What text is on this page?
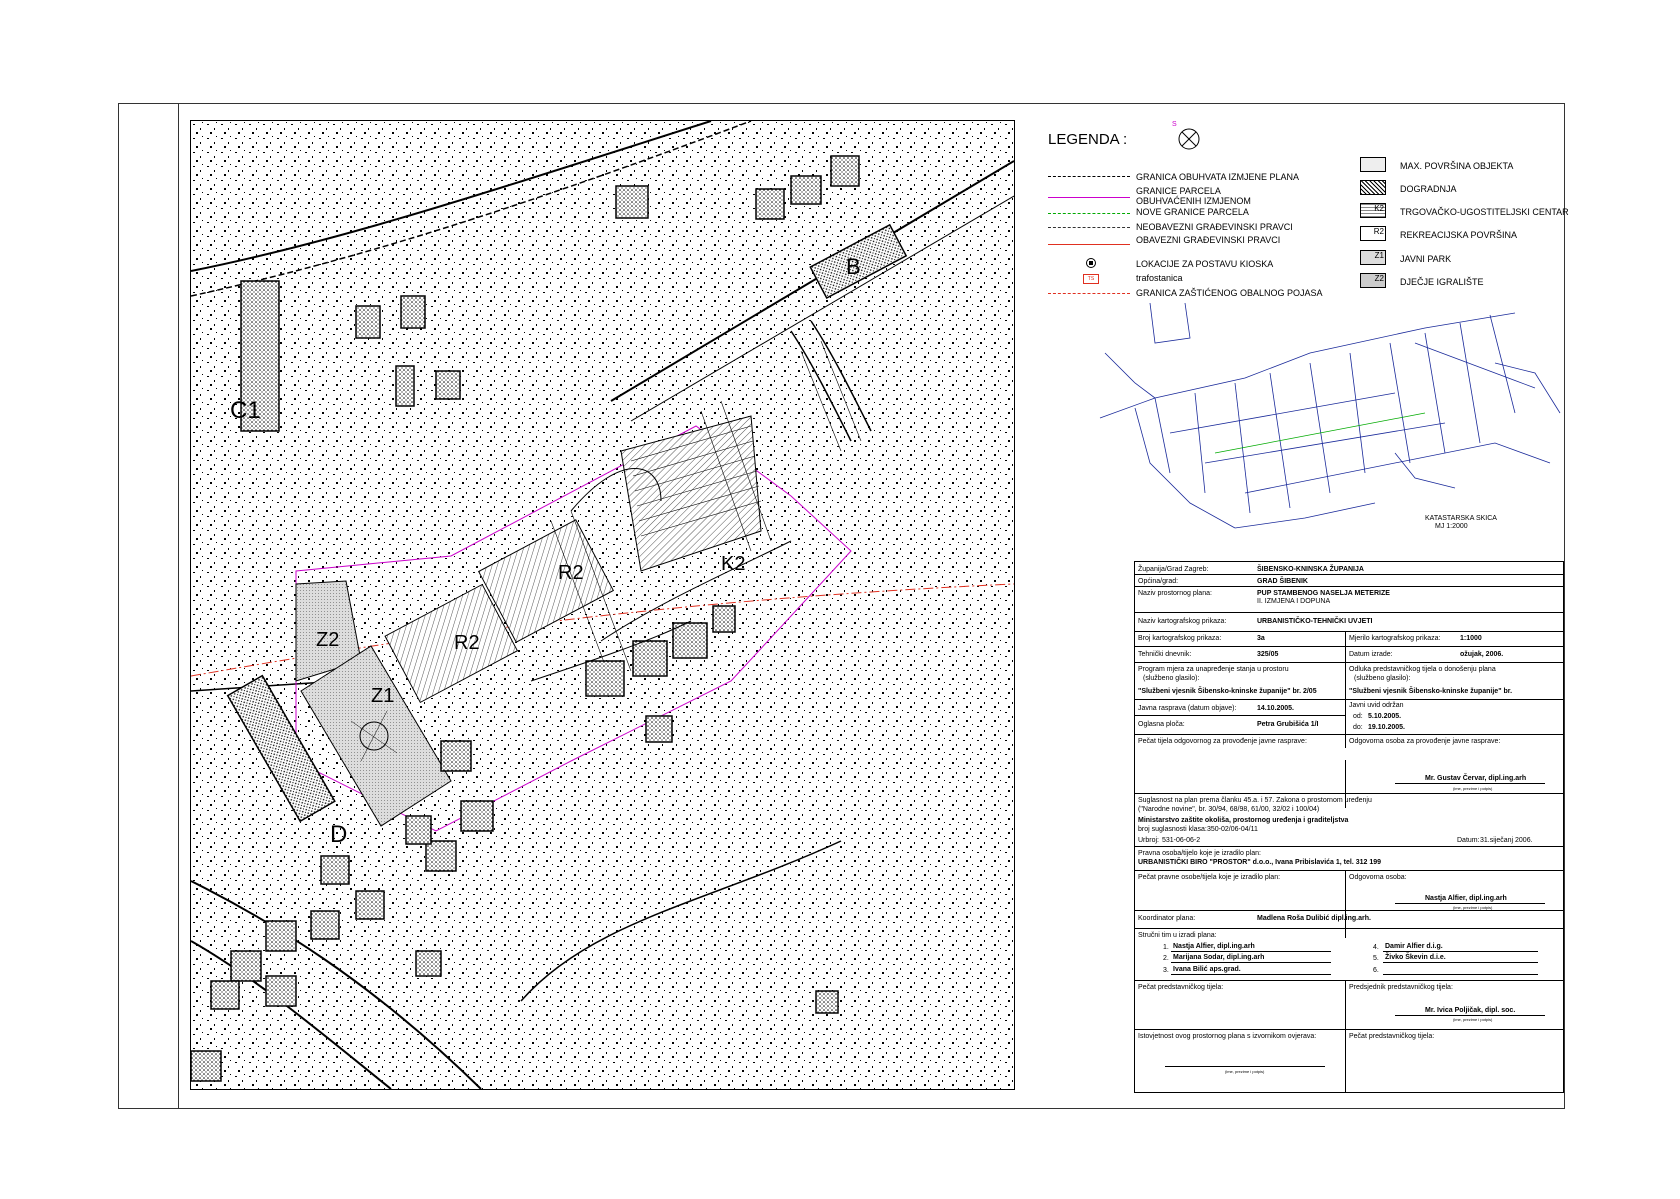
C1
B
Z2
R2
R2
K2
Z1
D
LEGENDA :
S
GRANICA OBUHVATA IZMJENE PLANA
GRANICE PARCELA
OBUHVAĆENIH IZMJENOM
NOVE GRANICE PARCELA
NEOBAVEZNI GRAĐEVINSKI PRAVCI
OBAVEZNI GRAĐEVINSKI PRAVCI
LOKACIJE ZA POSTAVU KIOSKA
TS	trafostanica
GRANICA ZAŠTIĆENOG OBALNOG POJASA
MAX. POVRŠINA OBJEKTA
DOGRADNJA
K2 TRGOVAČKO-UGOSTITELJSKI CENTAR
R2 REKREACIJSKA POVRŠINA
Z1 JAVNI PARK
Z2 DJEČJE IGRALIŠTE
KATASTARSKA SKICA
MJ 1:2000
Županija/Grad Zagreb:	ŠIBENSKO-KNINSKA ŽUPANIJA
Općina/grad:	GRAD ŠIBENIK
Naziv prostornog plana:	PUP STAMBENOG NASELJA METERIZE
II. IZMJENA I DOPUNA
Naziv kartografskog prikaza:	URBANISTIČKO-TEHNIČKI UVJETI
Broj kartografskog prikaza:	3a	Mjerilo kartografskog prikaza:	1:1000
Tehnički dnevnik:	325/05	Datum izrade:	ožujak, 2006.
Program mjera za unapređenje stanja u prostoru
(službeno glasilo):
"Službeni vjesnik Šibensko-kninske županije" br. 2/05
Odluka predstavničkog tijela o donošenju plana
(službeno glasilo):
"Službeni vjesnik Šibensko-kninske županije" br.
Javna rasprava (datum objave):	14.10.2005.	Javni uvid održan
od: 5.10.2005.
do: 19.10.2005.
Oglasna ploča:	Petra Grubišića 1/I
Pečat tijela odgovornog za provođenje javne rasprave:	Odgovorna osoba za provođenje javne rasprave:
Mr. Gustav Červar, dipl.ing.arh
(ime, prezime i potpis)
Suglasnost na plan prema članku 45.a. i 57. Zakona o prostornom uređenju
("Narodne novine", br. 30/94, 68/98, 61/00, 32/02 i 100/04)
Ministarstvo zaštite okoliša, prostornog uređenja i graditeljstva
broj suglasnosti klasa: 350-02/06-04/11
Urbroj: 531-06-06-2	Datum: 31.siječanj 2006.
Pravna osoba/tijelo koje je izradilo plan:
URBANISTIČKI BIRO "PROSTOR" d.o.o., Ivana Pribislavića 1, tel. 312 199
Pečat pravne osobe/tijela koje je izradilo plan:	Odgovorna osoba:
Nastja Alfier, dipl.ing.arh
(ime, prezime i potpis)
Koordinator plana:	Madlena Roša Dulibić dipl.ing.arh.
Stručni tim u izradi plana:
1. Nastja Alfier, dipl.ing.arh
2. Marijana Sodar, dipl.ing.arh
3. Ivana Bilić aps.grad.
4. Damir Alfier d.i.g.
5. Živko Škevin d.i.e.
6.
Pečat predstavničkog tijela:	Predsjednik predstavničkog tijela:
Mr. Ivica Poljičak, dipl. soc.
(ime, prezime i potpis)
Istovjetnost ovog prostornog plana s izvornikom ovjerava:
(ime, prezime i potpis)
Pečat predstavničkog tijela:
